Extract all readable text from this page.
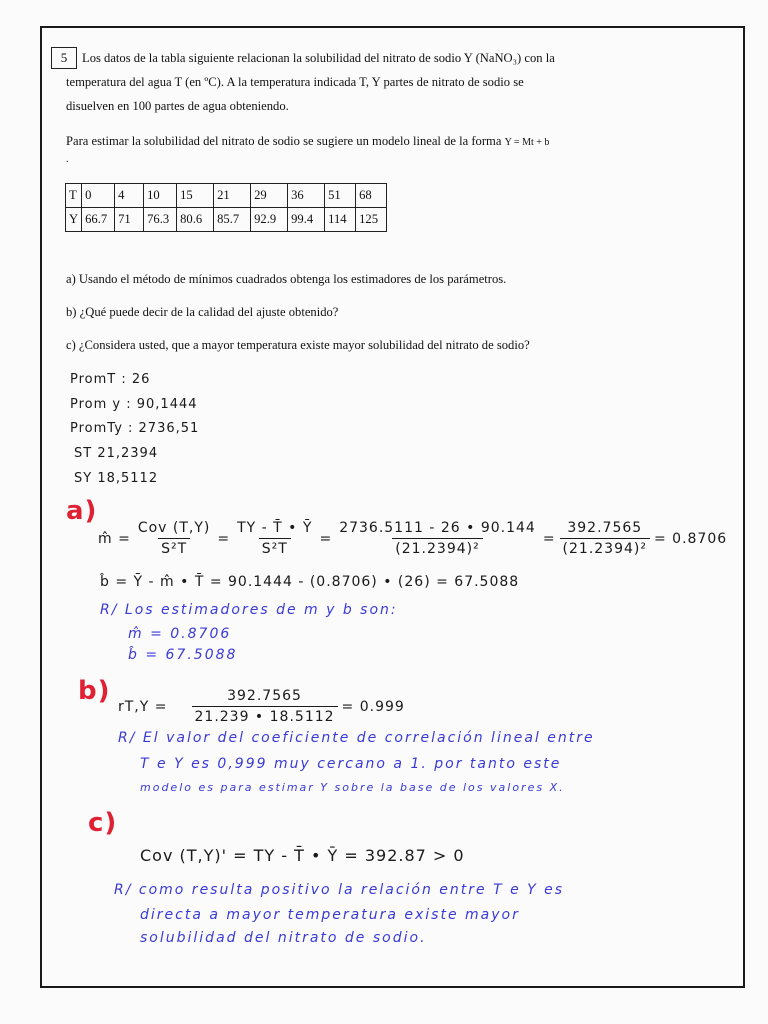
5	Los datos de la tabla siguiente relacionan la solubilidad del nitrato de sodio Y (NaNO₃) con la
temperatura del agua T (en ºC). A la temperatura indicada T, Y partes de nitrato de sodio se
disuelven en 100 partes de agua obteniendo.
Para estimar la solubilidad del nitrato de sodio se sugiere un modelo lineal de la forma Y = Mt + b
.
T	0	4	10	15	21	29	36	51	68
Y	66.7	71	76.3	80.6	85.7	92.9	99.4	114	125
a) Usando el método de mínimos cuadrados obtenga los estimadores de los parámetros.
b) ¿Qué puede decir de la calidad del ajuste obtenido?
c) ¿Considera usted, que a mayor temperatura existe mayor solubilidad del nitrato de sodio?
PromT : 26
Prom y : 90,1444
PromTy : 2736,51
ST 21,2394
SY 18,5112
a)
m̂ = $\frac{\text{Cov (T,Y)}}{\text{S²T}} = \frac{TY - T̄ • Ȳ}{\text{S²T}} = \frac{2736.5111 - 26 • 90.144}{\text{(21.2394)²}} = \frac{392.7565}{\text{(21.2394)²}} = 0.8706$
b̂ = Ȳ - m̂ • T̄ = 90.1444 - (0.8706) • (26) = 67.5088
R/ Los estimadores de m y b son:
m̂ = 0.8706
b̂ = 67.5088
b)
$rT,Y = \frac{392.7565}{21.239 • 18.5112} = 0.999$
R/ El valor del coeficiente de correlación lineal entre
T e Y es 0,999 muy cercano a 1. por tanto este
modelo es para estimar Y sobre la base de los valores X.
c)
Cov (T,Y)' = TY - T̄ • Ȳ = 392.87 > 0
R/ como resulta positivo la relación entre T e Y es
directa a mayor temperatura existe mayor
solubilidad del nitrato de sodio.
